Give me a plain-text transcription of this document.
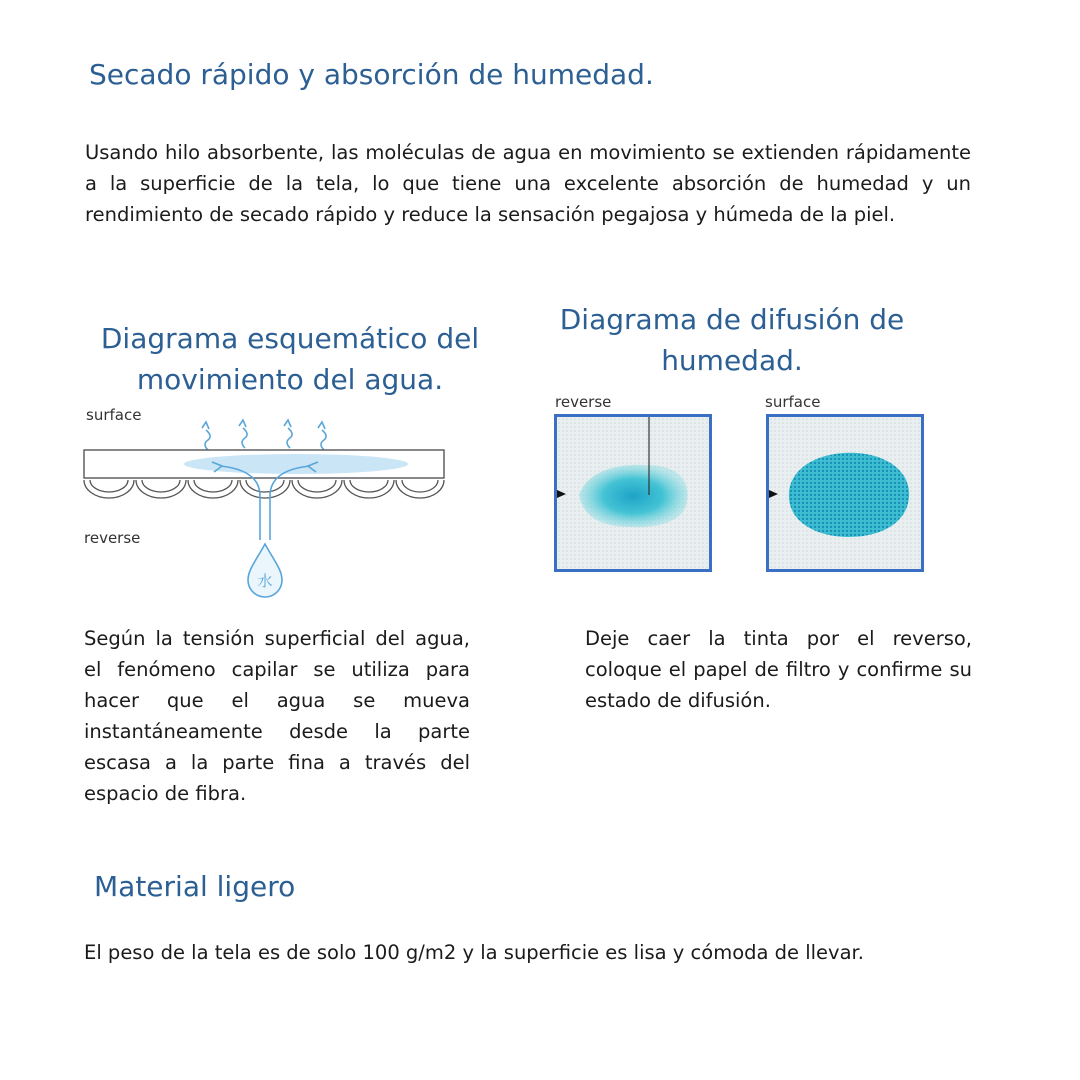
Secado rápido y absorción de humedad.

Usando hilo absorbente, las moléculas de agua en movimiento se extienden rápidamente a la superficie de la tela, lo que tiene una excelente absorción de humedad y un rendimiento de secado rápido y reduce la sensación pegajosa y húmeda de la piel.

Diagrama esquemático del
movimiento del agua.
Diagrama de difusión de
humedad.
surface
reverse
水
reverse	surface

Según la tensión superficial del agua, el fenómeno capilar se utiliza para hacer que el agua se mueva instantáneamente desde la parte escasa a la parte fina a través del espacio de fibra.

Deje caer la tinta por el reverso, coloque el papel de filtro y confirme su estado de difusión.

Material ligero

El peso de la tela es de solo 100 g/m2 y la superficie es lisa y cómoda de llevar.
